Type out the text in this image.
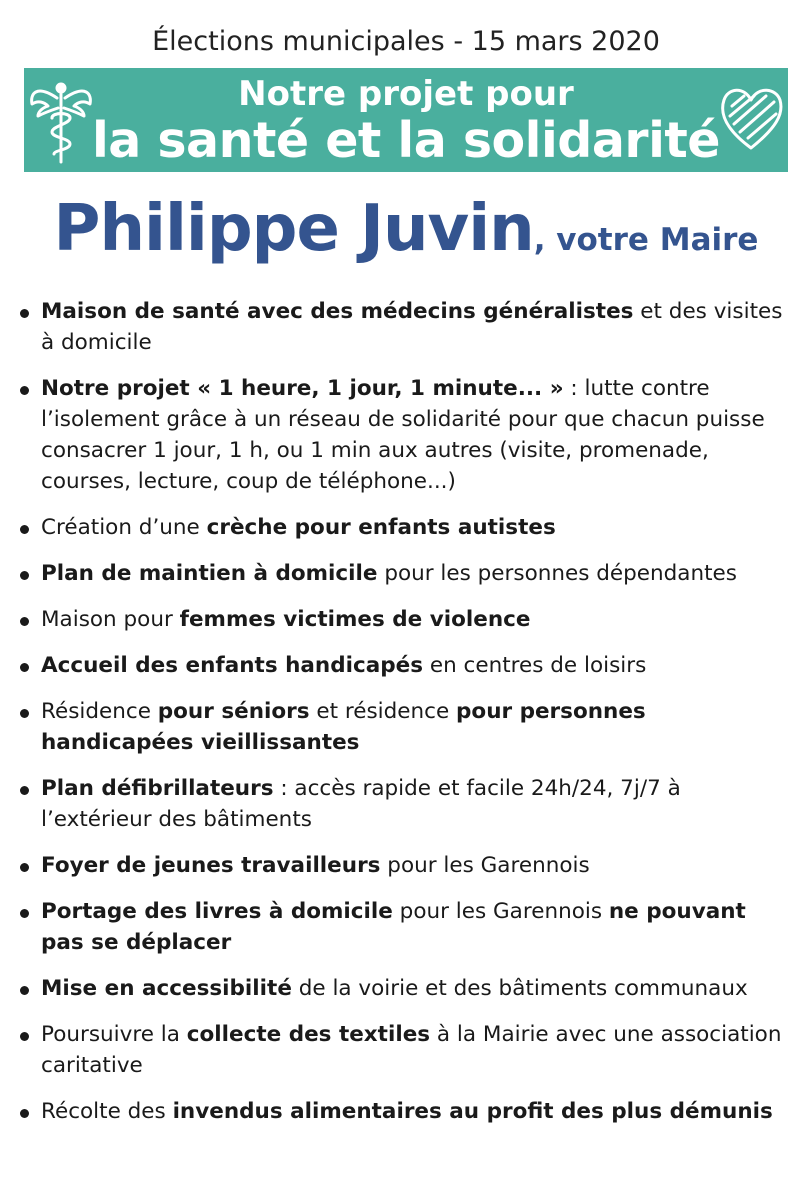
Élections municipales - 15 mars 2020
Notre projet pour
la santé et la solidarité
Philippe Juvin, votre Maire
Maison de santé avec des médecins généralistes et des visites à domicile
Notre projet « 1 heure, 1 jour, 1 minute... » : lutte contre l’isolement grâce à un réseau de solidarité pour que chacun puisse consacrer 1 jour, 1 h, ou 1 min aux autres (visite, promenade, courses, lecture, coup de téléphone...)
Création d’une crèche pour enfants autistes
Plan de maintien à domicile pour les personnes dépendantes
Maison pour femmes victimes de violence
Accueil des enfants handicapés en centres de loisirs
Résidence pour séniors et résidence pour personnes handicapées vieillissantes
Plan défibrillateurs : accès rapide et facile 24h/24, 7j/7 à l’extérieur des bâtiments
Foyer de jeunes travailleurs pour les Garennois
Portage des livres à domicile pour les Garennois ne pouvant pas se déplacer
Mise en accessibilité de la voirie et des bâtiments communaux
Poursuivre la collecte des textiles à la Mairie avec une association caritative
Récolte des invendus alimentaires au profit des plus démunis
